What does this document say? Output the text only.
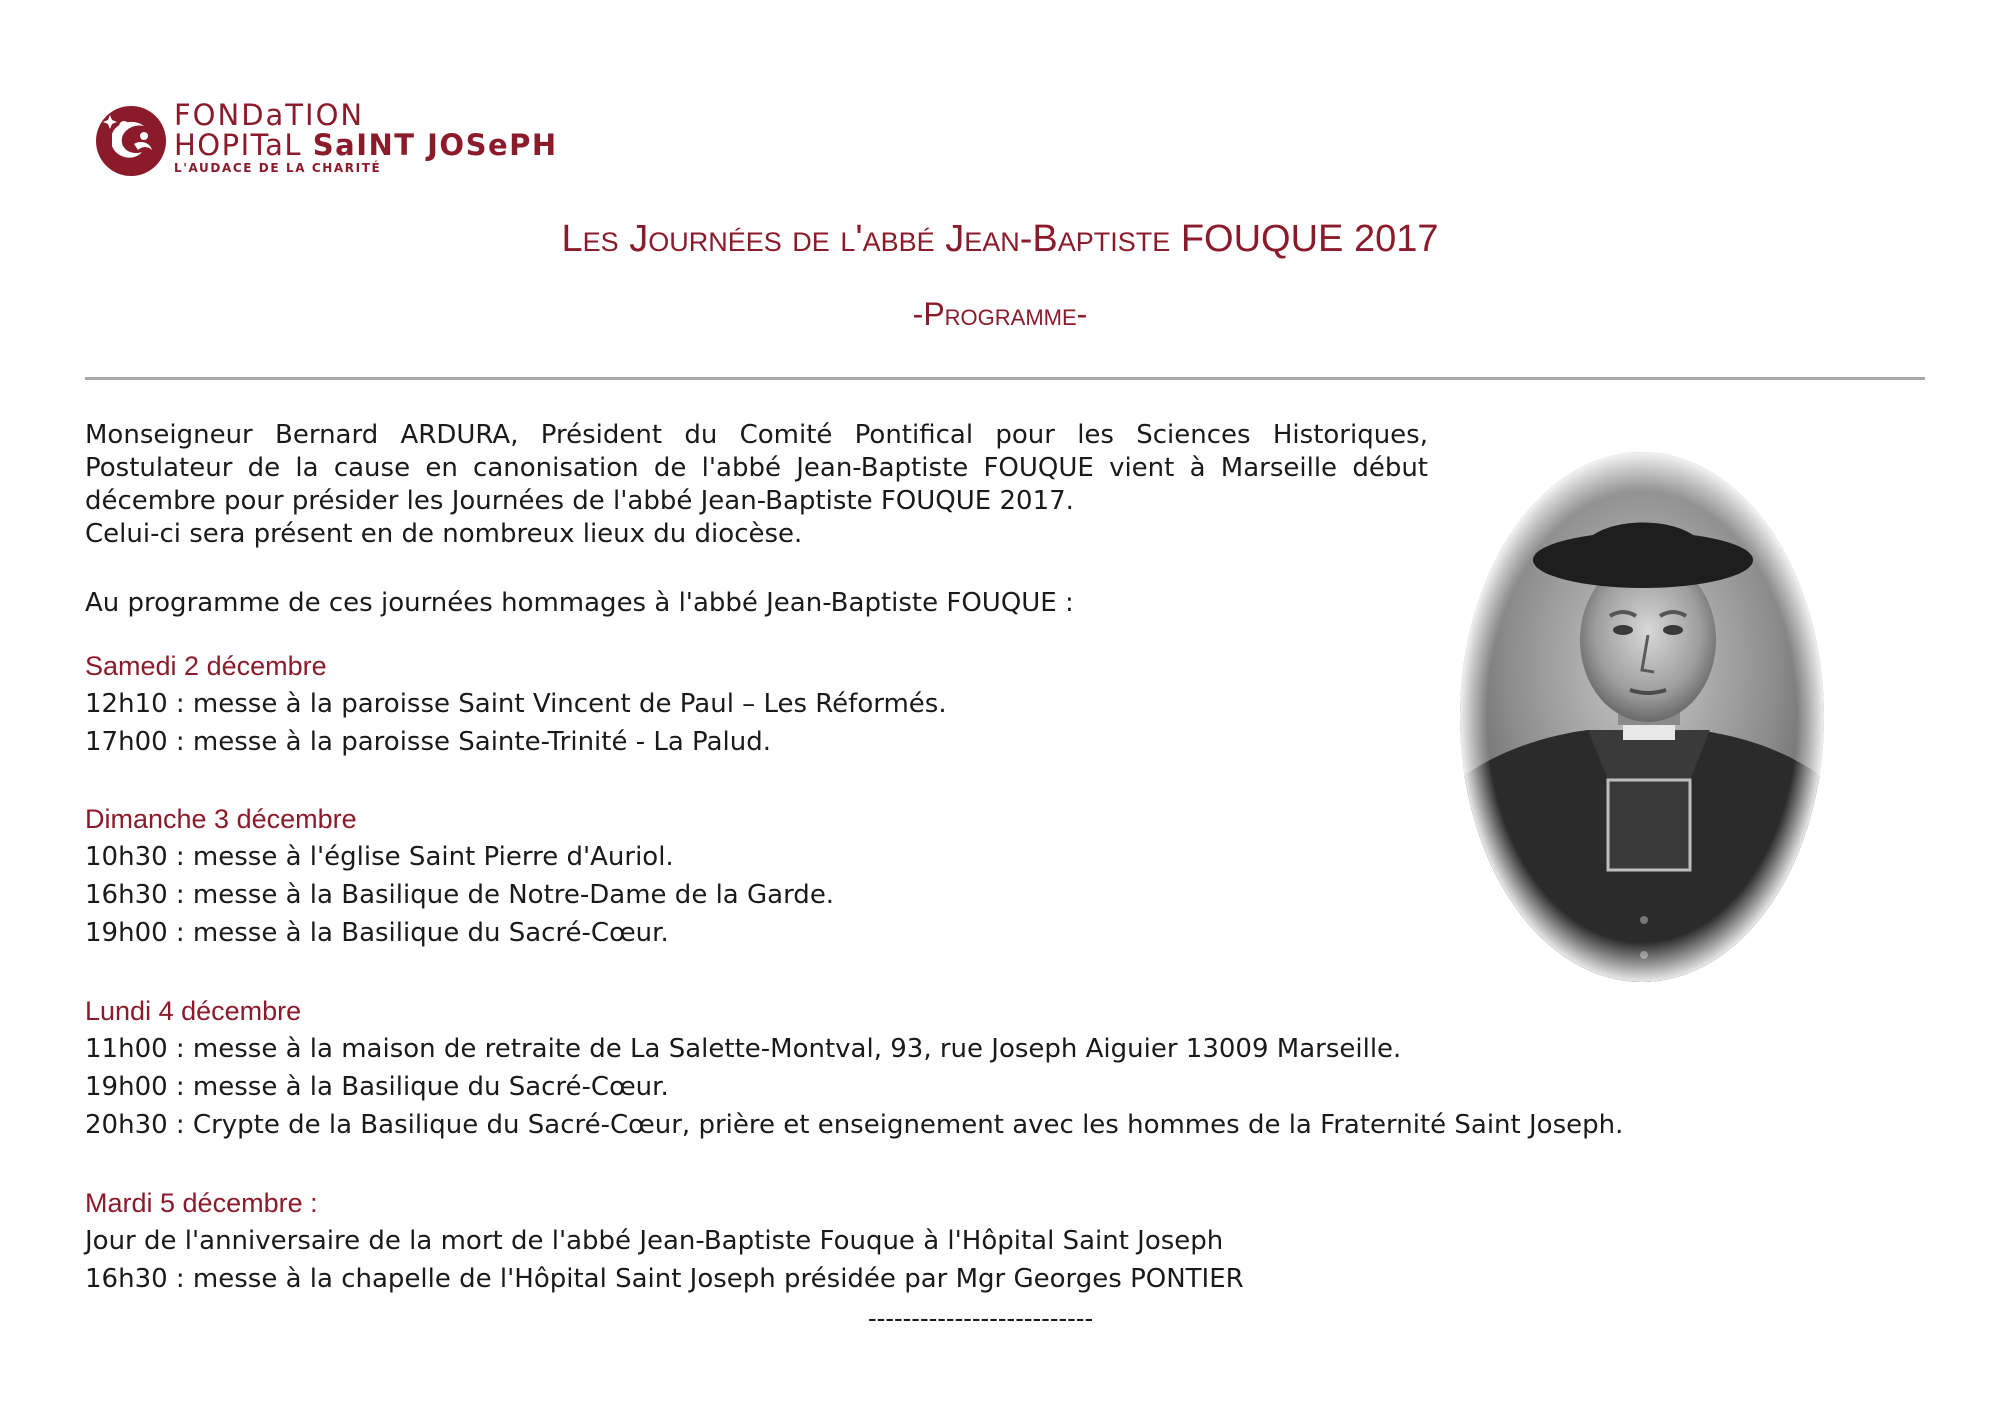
FONDaTION
HOPITaL SaINT JOSePH
L'AUDACE DE LA CHARITÉ
Les Journées de l'abbé Jean-Baptiste FOUQUE 2017
-Programme-

Monseigneur Bernard ARDURA, Président du Comité Pontifical pour les Sciences Historiques, Postulateur de la cause en canonisation de l'abbé Jean-Baptiste FOUQUE vient à Marseille début décembre pour présider les Journées de l'abbé Jean-Baptiste FOUQUE 2017.

Celui-ci sera présent en de nombreux lieux du diocèse.

Au programme de ces journées hommages à l'abbé Jean-Baptiste FOUQUE :
Samedi 2 décembre
12h10 : messe à la paroisse Saint Vincent de Paul – Les Réformés.
17h00 : messe à la paroisse Sainte-Trinité - La Palud.
Dimanche 3 décembre
10h30 : messe à l'église Saint Pierre d'Auriol.
16h30 : messe à la Basilique de Notre-Dame de la Garde.
19h00 : messe à la Basilique du Sacré-Cœur.
Lundi 4 décembre
11h00 : messe à la maison de retraite de La Salette-Montval, 93, rue Joseph Aiguier 13009 Marseille.
19h00 : messe à la Basilique du Sacré-Cœur.
20h30 : Crypte de la Basilique du Sacré-Cœur, prière et enseignement avec les hommes de la Fraternité Saint Joseph.
Mardi 5 décembre :
Jour de l'anniversaire de la mort de l'abbé Jean-Baptiste Fouque à l'Hôpital Saint Joseph
16h30 : messe à la chapelle de l'Hôpital Saint Joseph présidée par Mgr Georges PONTIER
--------------------------
